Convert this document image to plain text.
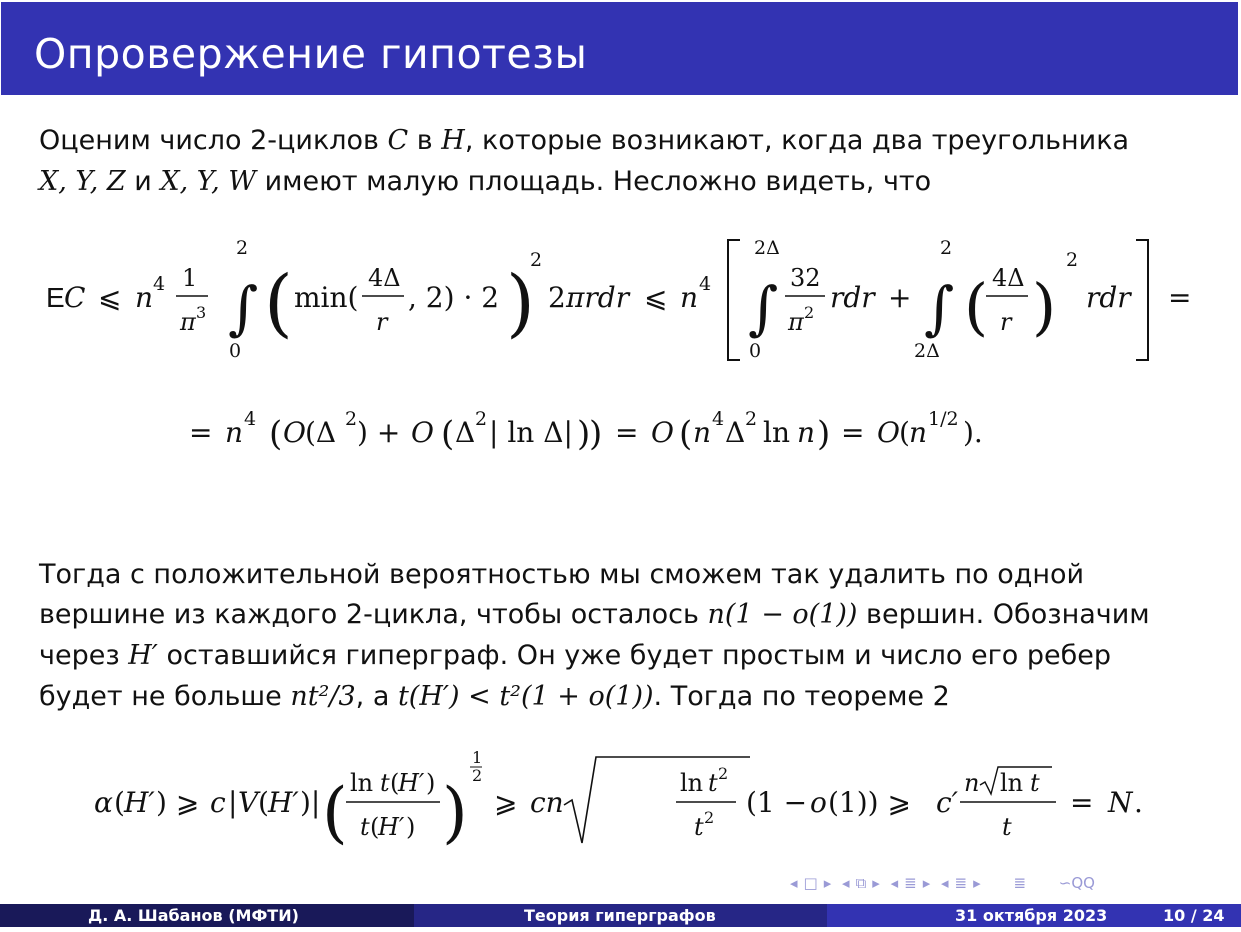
Опровержение гипотезы
Оценим число 2-циклов C в H, которые возникают, когда два треугольника
X, Y, Z и X, Y, W имеют малую площадь. Несложно видеть, что
EC ⩽ n⁴ (1/π³) ∫₀² ( min(4Δ/r, 2) · 2 )² 2πrdr ⩽ n⁴ [ ∫₀^{2Δ} (32/π²) rdr + ∫_{2Δ}² (4Δ/r)² rdr ] =
E C ⩽ n 4 1
π 3 ∫
2
0
( min(
4Δ
r
, 2) · 2 )
2
2 πrdr ⩽ n 4 ∫
2Δ
0
32
π 2 rdr + ∫
2
2Δ
( 4Δ
r )
2
rdr =
= n⁴ (O(Δ²) + O(Δ²|ln Δ|)) = O(n⁴Δ² ln n) = O(n^{1/2}).
= n 4 ( O (Δ 2 ) + O ( Δ 2 | ln Δ| )
) = O ( n 4 Δ 2 ln n ) = O ( n 1/2 ).
Тогда с положительной вероятностью мы сможем так удалить по одной
вершине из каждого 2-цикла, чтобы осталось n(1 − o(1)) вершин. Обозначим
через H′ оставшийся гиперграф. Он уже будет простым и число его ребер
будет не больше nt²/3, а t(H′) < t²(1 + o(1)). Тогда по теореме 2
α(H′) ⩾ c|V(H′)| (ln t(H′) / t(H′))^{1/2} ⩾ cn √(ln t² / t²) (1 − o(1)) ⩾ c′ n√(ln t) / t = N.
α ( H′ ) ⩾ c | V ( H′ )| ( ln t (
H′ )
t (
H′ ) )
1
2
⩾ cn
ln t 2
t 2 (1 − o (1)) ⩾ c′
n ln t
t
= N .
◂ □ ▸ ◂ ⧉ ▸ ◂ ≣ ▸ ◂ ≣ ▸ ≣ ∽QQ
Д. А. Шабанов (МФТИ)	Теория гиперграфов	31 октября 2023	10 / 24
